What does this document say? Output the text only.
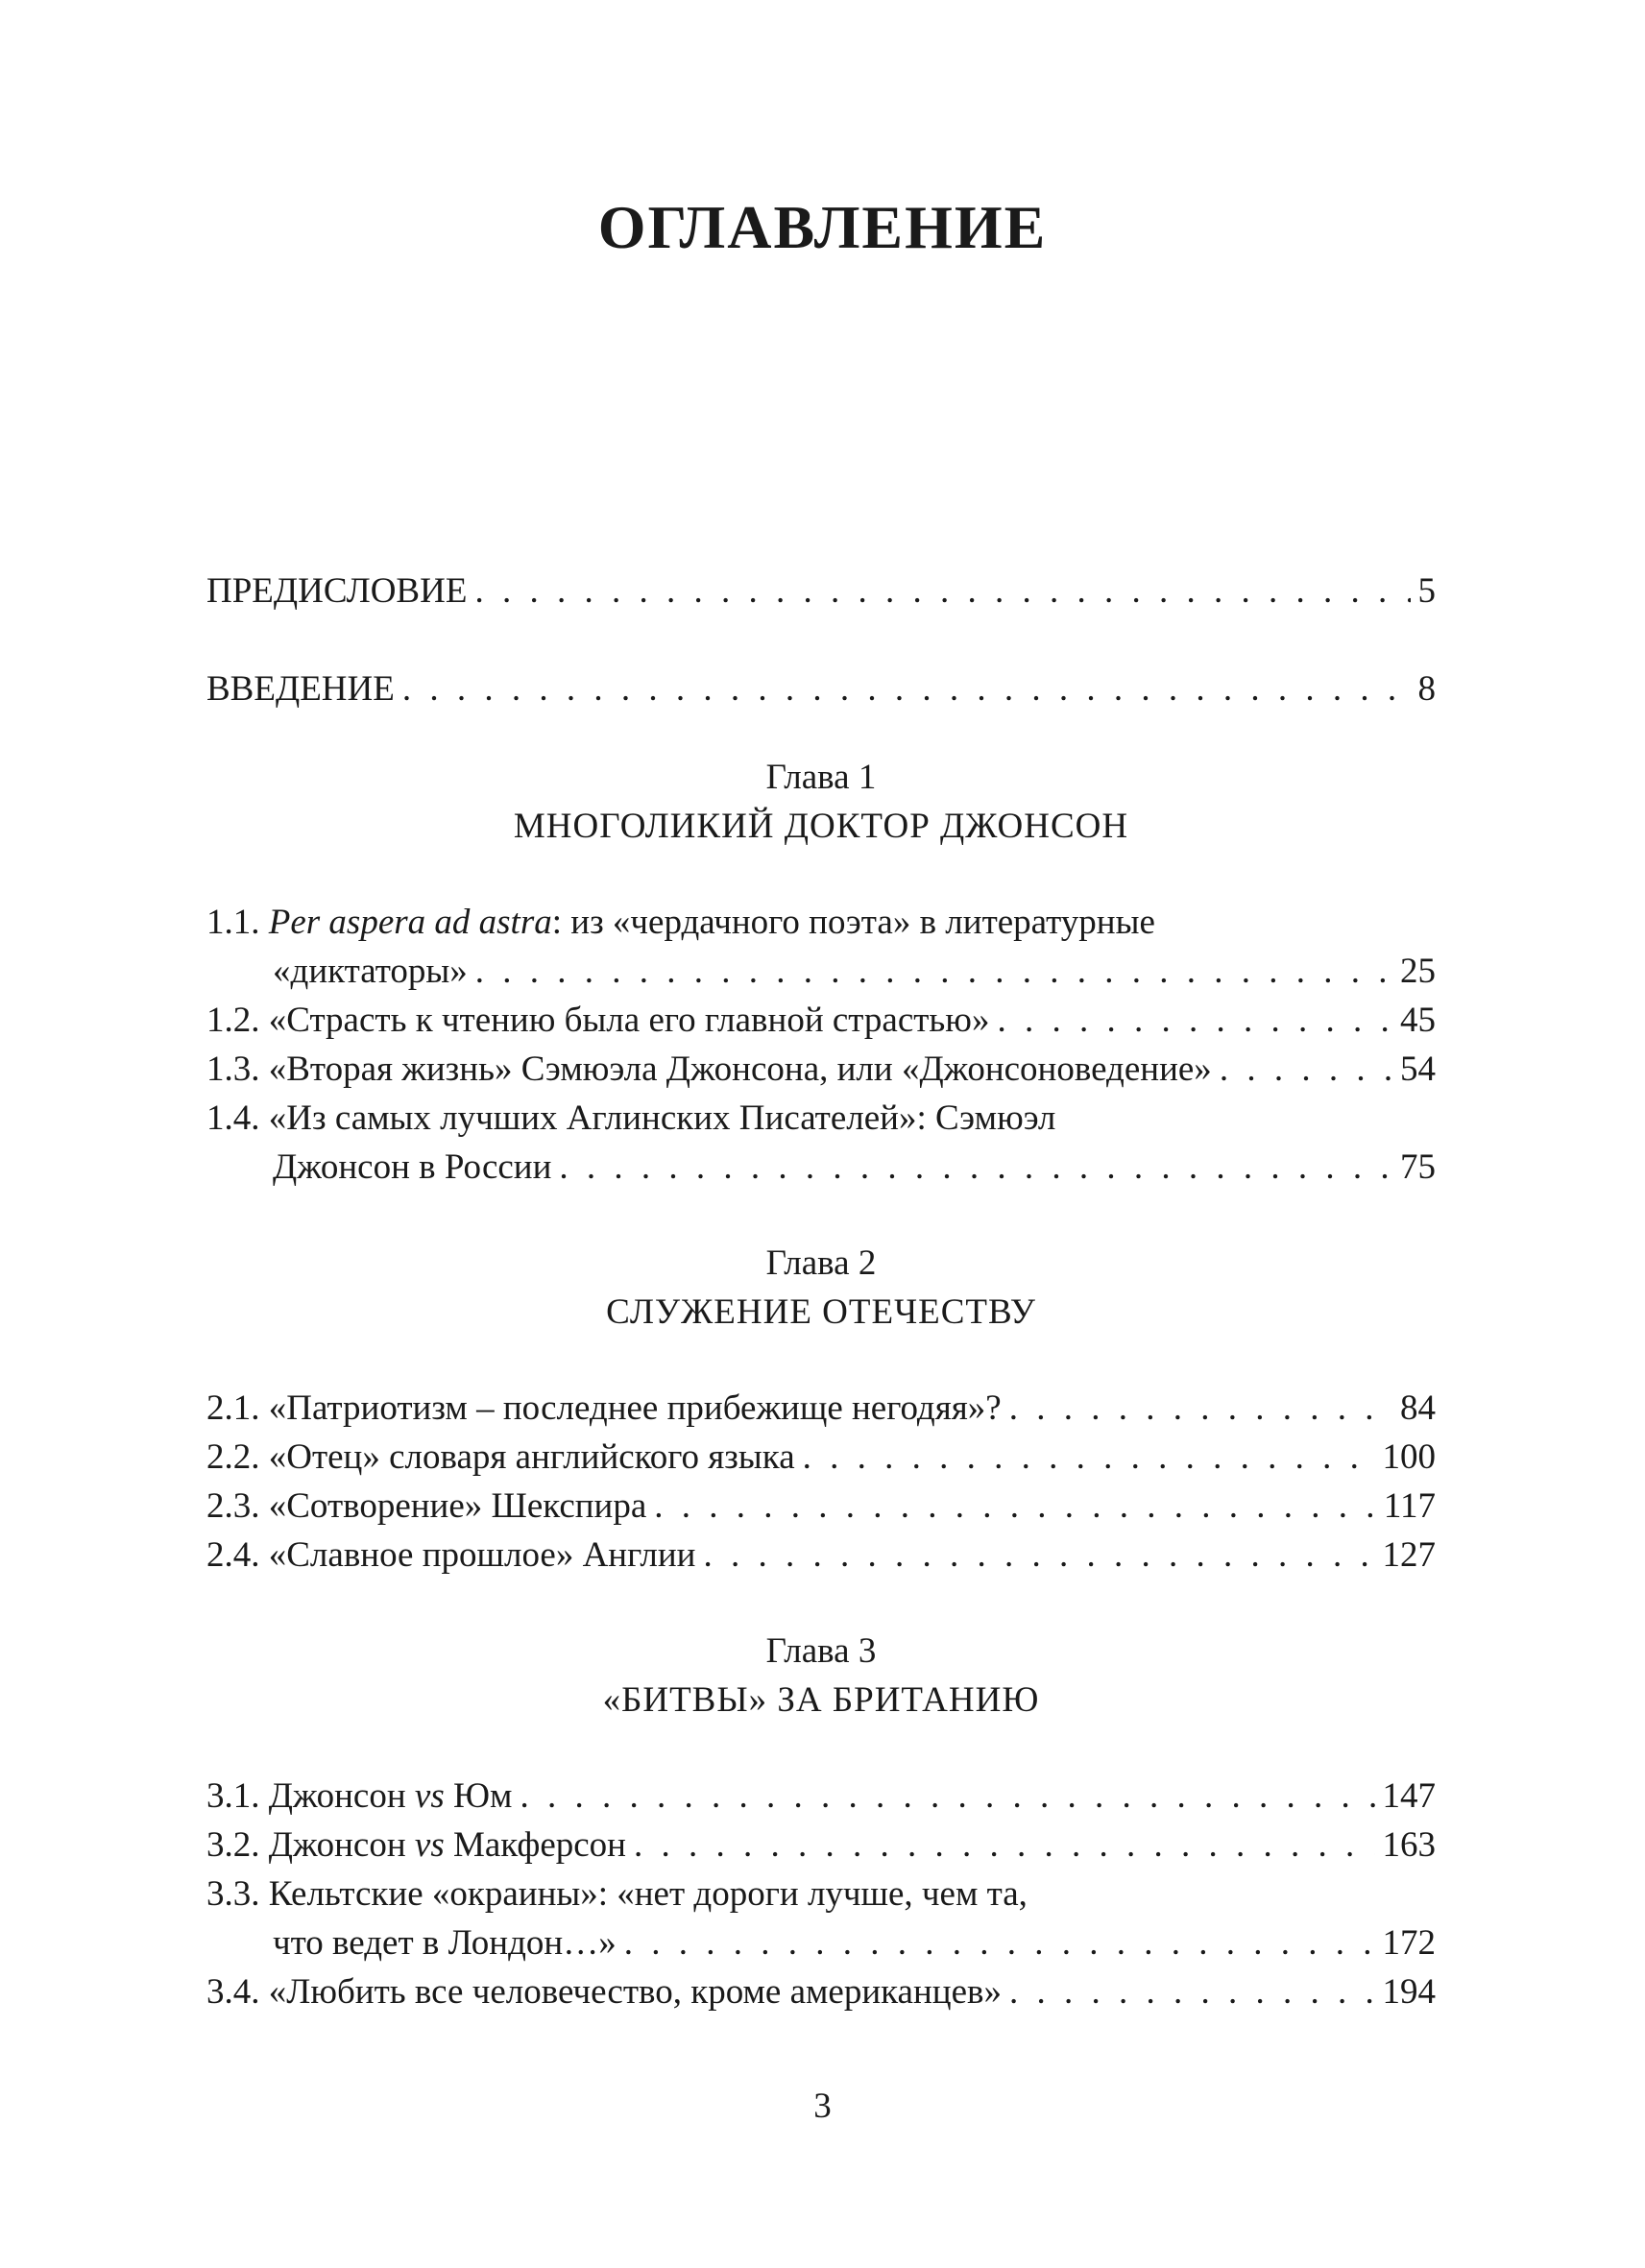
ОГЛАВЛЕНИЕ
ПРЕДИСЛОВИЕ . . .	5
ВВЕДЕНИЕ . . .	8
Глава 1
МНОГОЛИКИЙ ДОКТОР ДЖОНСОН
1.1. Per aspera ad astra: из «чердачного поэта» в литературные
«диктаторы» . . .	25
1.2. «Страсть к чтению была его главной страстью» . . .	45
1.3. «Вторая жизнь» Сэмюэла Джонсона, или «Джонсоноведение» . . .	54
1.4. «Из самых лучших Аглинских Писателей»: Сэмюэл
Джонсон в России . . .	75
Глава 2
СЛУЖЕНИЕ ОТЕЧЕСТВУ
2.1. «Патриотизм – последнее прибежище негодяя»? . . .	84
2.2. «Отец» словаря английского языка . . .	100
2.3. «Сотворение» Шекспира . . .	117
2.4. «Славное прошлое» Англии . . .	127
Глава 3
«БИТВЫ» ЗА БРИТАНИЮ
3.1. Джонсон vs Юм . . .	147
3.2. Джонсон vs Макферсон . . .	163
3.3. Кельтские «окраины»: «нет дороги лучше, чем та,
что ведет в Лондон…» . . .	172
3.4. «Любить все человечество, кроме американцев» . . .	194
3
